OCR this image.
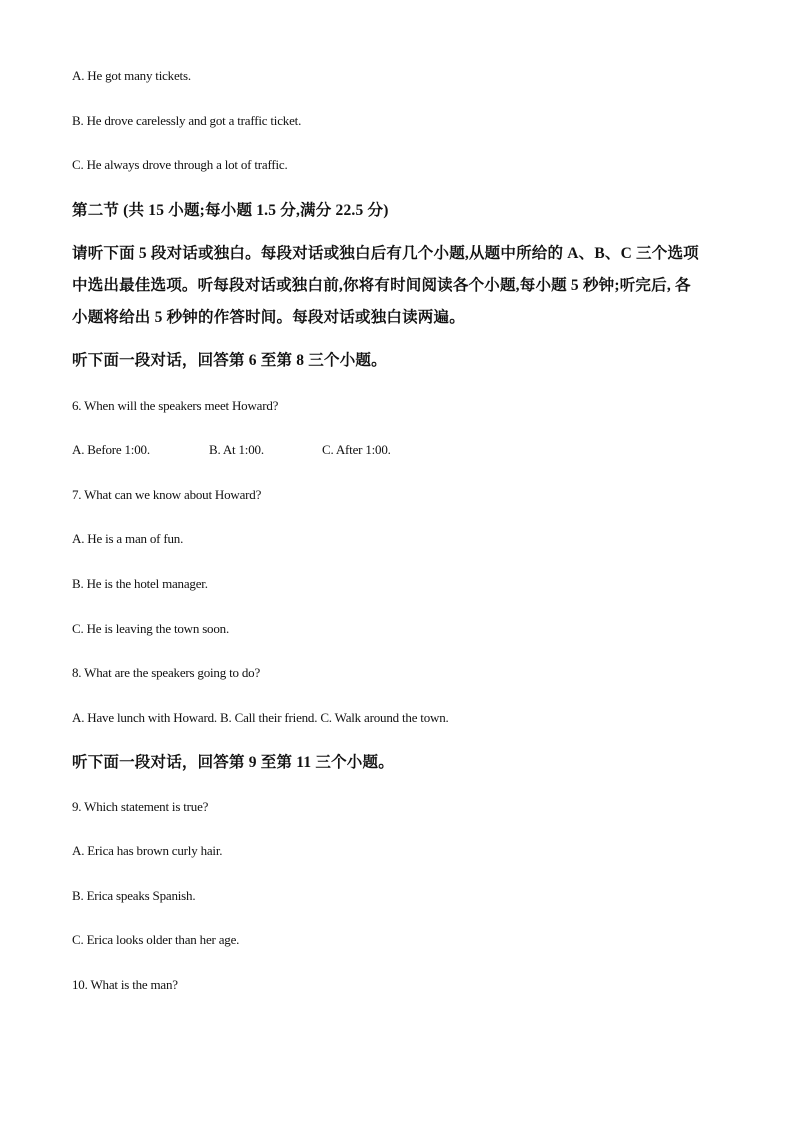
A. He got many tickets.
B. He drove carelessly and got a traffic ticket.
C. He always drove through a lot of traffic.
第二节 (共 15 小题;每小题 1.5 分,满分 22.5 分)
请听下面 5 段对话或独白。每段对话或独白后有几个小题,从题中所给的 A、B、C 三个选项
中选出最佳选项。听每段对话或独白前,你将有时间阅读各个小题,每小题 5 秒钟;听完后, 各
小题将给出 5 秒钟的作答时间。每段对话或独白读两遍。
听下面一段对话，回答第 6 至第 8 三个小题。
6. When will the speakers meet Howard?
A. Before 1:00.	B. At 1:00.	C. After 1:00.
7. What can we know about Howard?
A. He is a man of fun.
B. He is the hotel manager.
C. He is leaving the town soon.
8. What are the speakers going to do?
A. Have lunch with Howard. B. Call their friend. C. Walk around the town.
听下面一段对话，回答第 9 至第 11 三个小题。
9. Which statement is true?
A. Erica has brown curly hair.
B. Erica speaks Spanish.
C. Erica looks older than her age.
10. What is the man?
